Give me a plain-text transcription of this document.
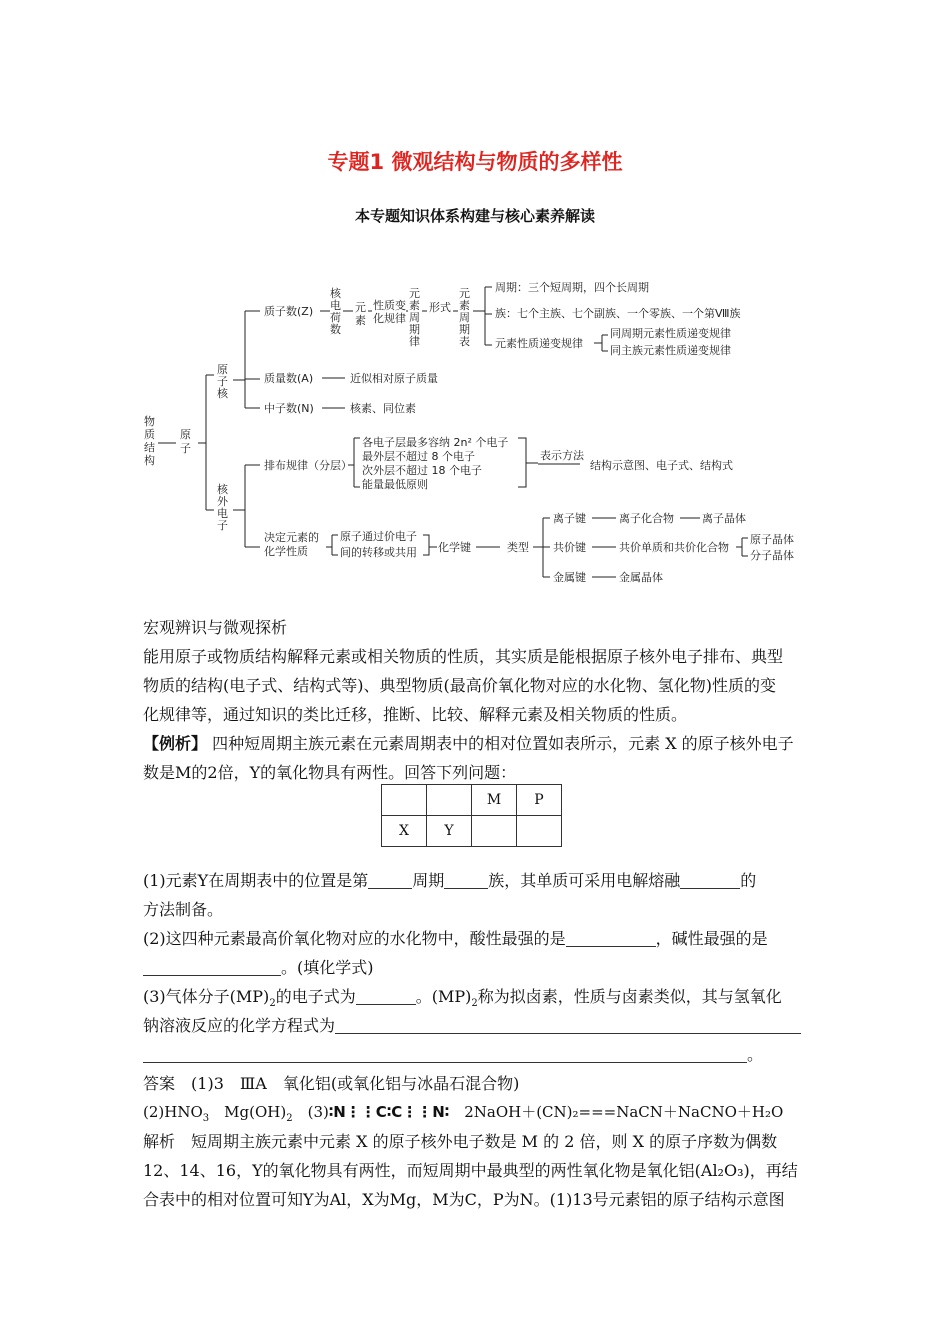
专题1 微观结构与物质的多样性
本专题知识体系构建与核心素养解读
物
质
结
构
原
子
原
子
核
核
外
电
子
质子数(Z)
核
电
荷
数
元
素
性质变
化规律
元
素
周
期
律
形式
元
素
周
期
表
周期：三个短周期，四个长周期
族：七个主族、七个副族、一个零族、一个第Ⅷ族
元素性质递变规律
同周期元素性质递变规律
同主族元素性质递变规律
质量数(A)	近似相对原子质量
中子数(N)	核素、同位素
排布规律（分层）
各电子层最多容纳 2n² 个电子
最外层不超过 8 个电子
次外层不超过 18 个电子
能量最低原则
表示方法
结构示意图、电子式、结构式
决定元素的
化学性质
原子通过价电子
间的转移或共用 化学键	类型
离子键	离子化合物	离子晶体
共价键	共价单质和共价化合物
原子晶体
分子晶体
金属键	金属晶体
宏观辨识与微观探析
能用原子或物质结构解释元素或相关物质的性质，其实质是能根据原子核外电子排布、典型
物质的结构(电子式、结构式等)、典型物质(最高价氧化物对应的水化物、氢化物)性质的变
化规律等，通过知识的类比迁移，推断、比较、解释元素及相关物质的性质。
【例析】 四种短周期主族元素在元素周期表中的相对位置如表所示，元素 X 的原子核外电子
数是M的2倍，Y的氧化物具有两性。回答下列问题：
		M	P
X	Y		
(1)元素Y在周期表中的位置是第	周期	族，其单质可采用电解熔融	的
方法制备。
(2)这四种元素最高价氧化物对应的水化物中，酸性最强的是	，碱性最强的是
。(填化学式)
(3)气体分子$(MP)_2$的电子式为	。$(MP)_2$称为拟卤素，性质与卤素类似，其与氢氧化
钠溶液反应的化学方程式为
。
答案　 (1)3　ⅢA　氧化铝(或氧化铝与冰晶石混合物)
$(2)HNO_3$　 $Mg(OH)_2$　 (3)∶N⋮⋮C∶C⋮⋮N∶　 2NaOH＋(CN)₂===NaCN＋NaCNO＋H₂O
解析　 短周期主族元素中元素 X 的原子核外电子数是 M 的 2 倍，则 X 的原子序数为偶数
12、14、16，Y的氧化物具有两性，而短周期中最典型的两性氧化物是氧化铝(Al₂O₃)，再结
合表中的相对位置可知Y为Al，X为Mg，M为C，P为N。(1)13号元素铝的原子结构示意图
